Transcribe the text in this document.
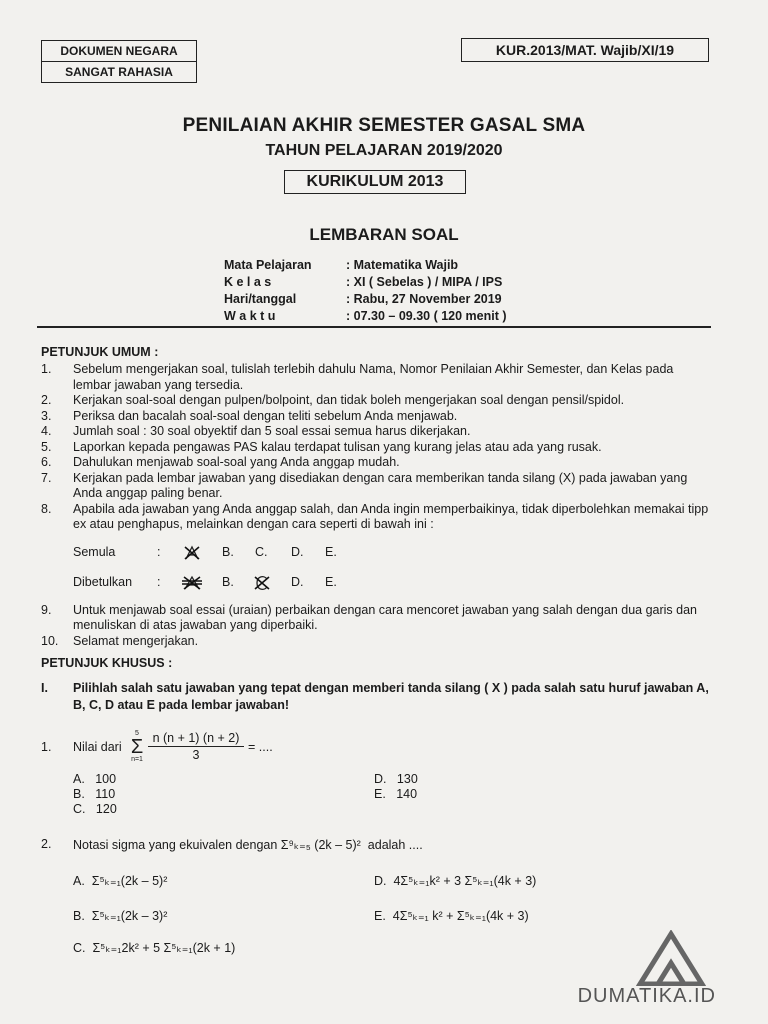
DOKUMEN NEGARA
SANGAT RAHASIA
KUR.2013/MAT. Wajib/XI/19
PENILAIAN AKHIR SEMESTER GASAL SMA
TAHUN PELAJARAN 2019/2020
KURIKULUM 2013
LEMBARAN SOAL
Mata Pelajaran	: Matematika Wajib
K e l a s	: XI ( Sebelas ) / MIPA / IPS
Hari/tanggal	: Rabu, 27 November 2019
W a k t u	: 07.30 – 09.30 ( 120 menit )
PETUNJUK UMUM :
1. Sebelum mengerjakan soal, tulislah terlebih dahulu Nama, Nomor Penilaian Akhir Semester, dan Kelas pada lembar jawaban yang tersedia.
2. Kerjakan soal-soal dengan pulpen/bolpoint, dan tidak boleh mengerjakan soal dengan pensil/spidol.
3. Periksa dan bacalah soal-soal dengan teliti sebelum Anda menjawab.
4. Jumlah soal : 30 soal obyektif dan 5 soal essai semua harus dikerjakan.
5. Laporkan kepada pengawas PAS kalau terdapat tulisan yang kurang jelas atau ada yang rusak.
6. Dahulukan menjawab soal-soal yang Anda anggap mudah.
7. Kerjakan pada lembar jawaban yang disediakan dengan cara memberikan tanda silang (X) pada jawaban yang Anda anggap paling benar.
8. Apabila ada jawaban yang Anda anggap salah, dan Anda ingin memperbaikinya, tidak diperbolehkan memakai tipp ex atau penghapus, melainkan dengan cara seperti di bawah ini :
Semula	:	B. C. D. E.
Dibetulkan :	B.	D. E.
9. Untuk menjawab soal essai (uraian) perbaikan dengan cara mencoret jawaban yang salah dengan dua garis dan menuliskan di atas jawaban yang diperbaiki.
10. Selamat mengerjakan.
PETUNJUK KHUSUS :
I.	Pilihlah salah satu jawaban yang tepat dengan memberi tanda silang ( X ) pada salah satu huruf jawaban A, B, C, D atau E pada lembar jawaban!
1. Nilai dari
5
Σ
n=1
n (n + 1) (n + 2)
3
= ....
A. 100
B. 110
C. 120
D. 130
E. 140
2. Notasi sigma yang ekuivalen dengan Σ⁹ₖ₌₅ (2k – 5)² adalah ....
A. Σ⁵ₖ₌₁(2k – 5)²
B. Σ⁵ₖ₌₁(2k – 3)²
C. Σ⁵ₖ₌₁2k² + 5 Σ⁵ₖ₌₁(2k + 1)
D. 4Σ⁵ₖ₌₁k² + 3 Σ⁵ₖ₌₁(4k + 3)
E. 4Σ⁵ₖ₌₁ k² + Σ⁵ₖ₌₁(4k + 3)
DUMATIKA.ID
